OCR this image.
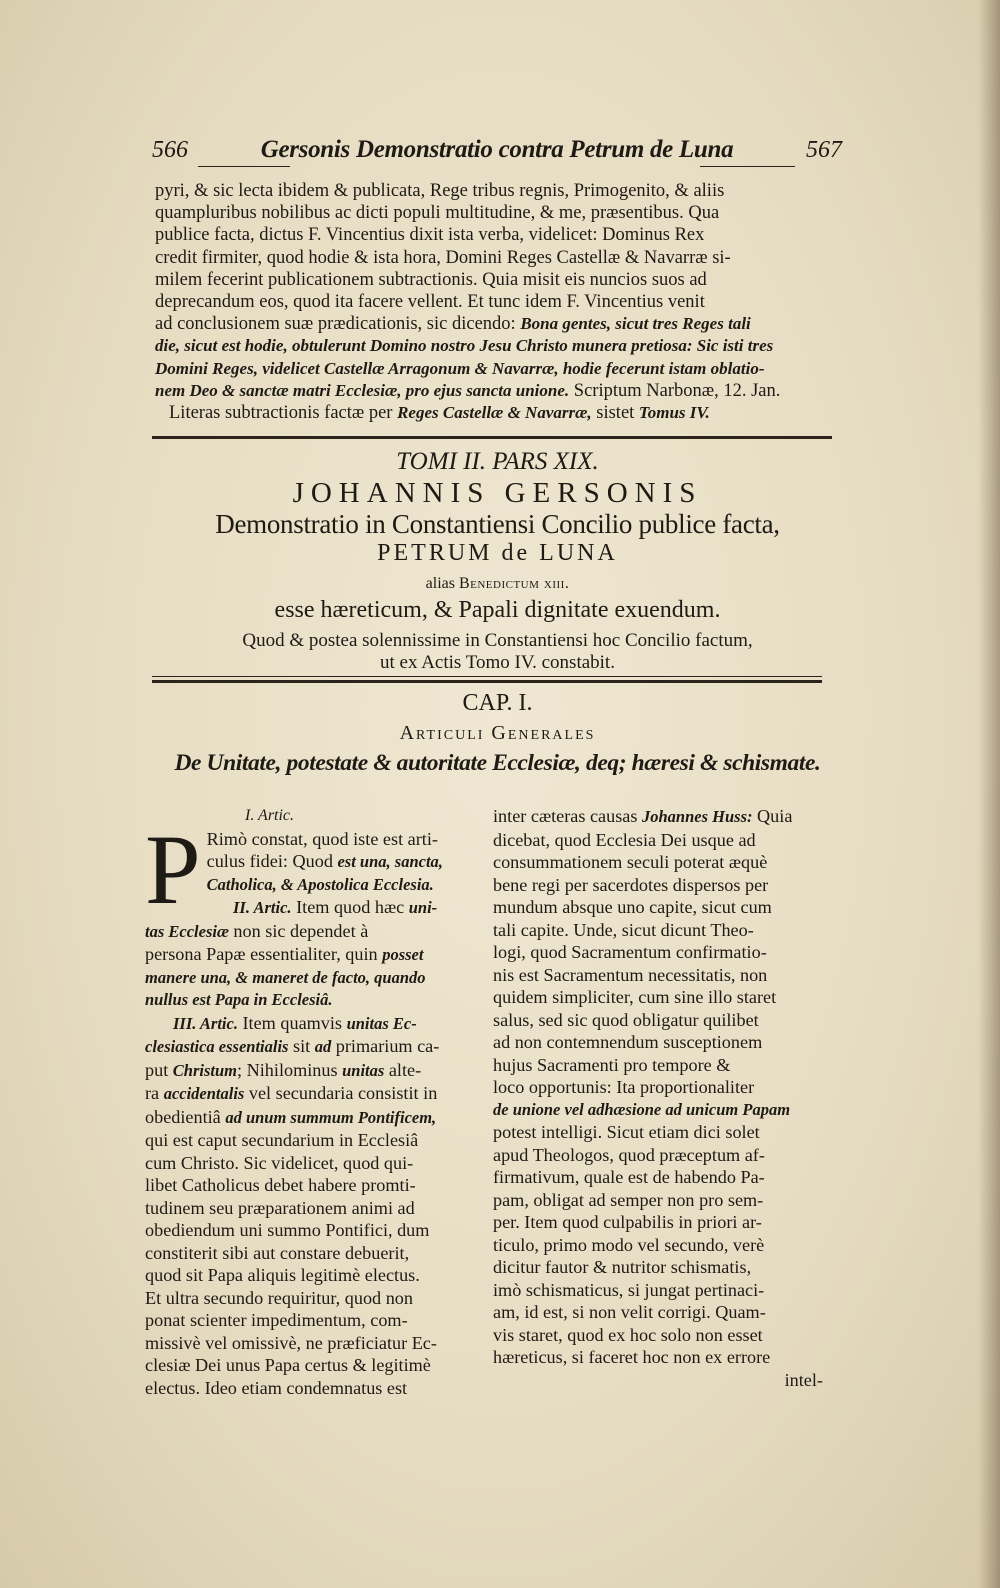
566	Gersonis Demonstratio contra Petrum de Luna	567

pyri, & sic lecta ibidem & publicata, Rege tribus regnis, Primogenito, & aliis

quampluribus nobilibus ac dicti populi multitudine, & me, præsentibus. Qua

publice facta, dictus F. Vincentius dixit ista verba, videlicet: Dominus Rex

credit firmiter, quod hodie & ista hora, Domini Reges Castellæ & Navarræ si-

milem fecerint publicationem subtractionis. Quia misit eis nuncios suos ad

deprecandum eos, quod ita facere vellent. Et tunc idem F. Vincentius venit

ad conclusionem suæ prædicationis, sic dicendo: Bona gentes, sicut tres Reges tali

die, sicut est hodie, obtulerunt Domino nostro Jesu Christo munera pretiosa: Sic isti tres

Domini Reges, videlicet Castellæ Arragonum & Navarræ, hodie fecerunt istam oblatio-

nem Deo & sanctæ matri Ecclesiæ, pro ejus sancta unione. Scriptum Narbonæ, 12. Jan.

Literas subtractionis factæ per Reges Castellæ & Navarræ, sistet Tomus IV.

TOMI II. PARS XIX.
JOHANNIS GERSONIS
Demonstratio in Constantiensi Concilio publice facta,
PETRUM de LUNA
alias Benedictum xiii.
esse hæreticum, & Papali dignitate exuendum.
Quod & postea solennissime in Constantiensi hoc Concilio factum,
ut ex Actis Tomo IV. constabit.
CAP. I.
Articuli Generales
De Unitate, potestate & autoritate Ecclesiæ, deq; hæresi & schismate.
I. Artic.
P Rimò constat, quod iste est arti-
culus fidei: Quod est una, sancta,
Catholica, & Apostolica Ecclesia.
II. Artic. Item quod hæc uni-
tas Ecclesiæ non sic dependet à
persona Papæ essentialiter, quin posset
manere una, & maneret de facto, quando
nullus est Papa in Ecclesiâ.
III. Artic. Item quamvis unitas Ec-
clesiastica essentialis sit ad primarium ca-
put Christum; Nihilominus unitas alte-
ra accidentalis vel secundaria consistit in
obedientiâ ad unum summum Pontificem,
qui est caput secundarium in Ecclesiâ
cum Christo. Sic videlicet, quod qui-
libet Catholicus debet habere promti-
tudinem seu præparationem animi ad
obediendum uni summo Pontifici, dum
constiterit sibi aut constare debuerit,
quod sit Papa aliquis legitimè electus.
Et ultra secundo requiritur, quod non
ponat scienter impedimentum, com-
missivè vel omissivè, ne præficiatur Ec-
clesiæ Dei unus Papa certus & legitimè
electus. Ideo etiam condemnatus est
inter cæteras causas Johannes Huss: Quia
dicebat, quod Ecclesia Dei usque ad
consummationem seculi poterat æquè
bene regi per sacerdotes dispersos per
mundum absque uno capite, sicut cum
tali capite. Unde, sicut dicunt Theo-
logi, quod Sacramentum confirmatio-
nis est Sacramentum necessitatis, non
quidem simpliciter, cum sine illo staret
salus, sed sic quod obligatur quilibet
ad non contemnendum susceptionem
hujus Sacramenti pro tempore &
loco opportunis: Ita proportionaliter
de unione vel adhæsione ad unicum Papam
potest intelligi. Sicut etiam dici solet
apud Theologos, quod præceptum af-
firmativum, quale est de habendo Pa-
pam, obligat ad semper non pro sem-
per. Item quod culpabilis in priori ar-
ticulo, primo modo vel secundo, verè
dicitur fautor & nutritor schismatis,
imò schismaticus, si jungat pertinaci-
am, id est, si non velit corrigi. Quam-
vis staret, quod ex hoc solo non esset
hæreticus, si faceret hoc non ex errore
intel-
